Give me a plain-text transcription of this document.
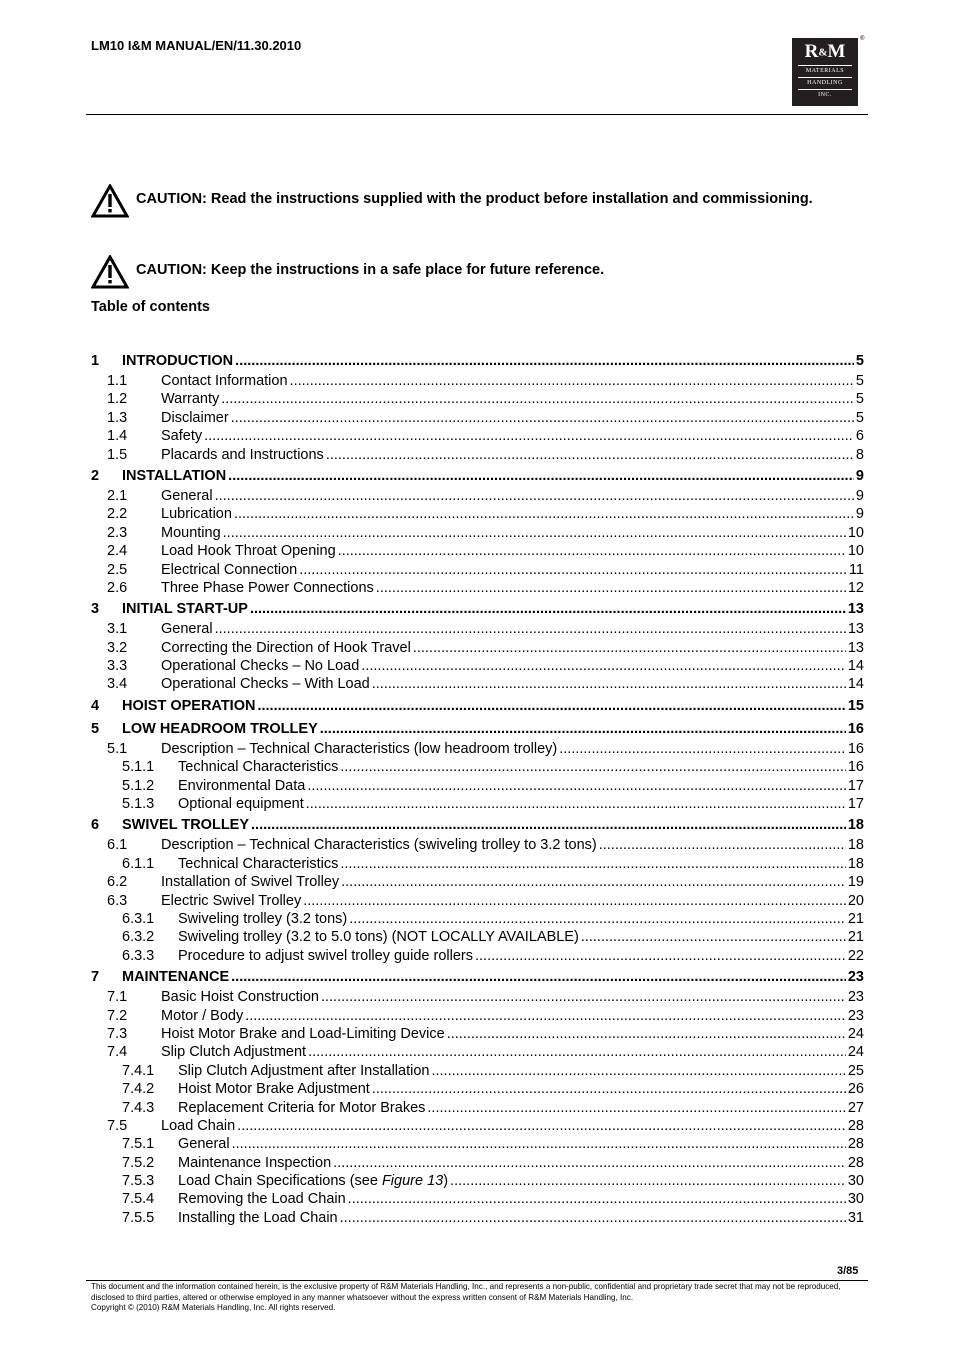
LM10 I&M MANUAL/EN/11.30.2010	R&M
MATERIALS
HANDLING
INC.
®
CAUTION: Read the instructions supplied with the product before installation and commissioning.
CAUTION: Keep the instructions in a safe place for future reference.
Table of contents
1	INTRODUCTION .....	5
1.1	Contact Information .....	5
1.2	Warranty .....	5
1.3	Disclaimer .....	5
1.4	Safety .....	6
1.5	Placards and Instructions .....	8
2	INSTALLATION .....	9
2.1	General .....	9
2.2	Lubrication .....	9
2.3	Mounting .....	10
2.4	Load Hook Throat Opening .....	10
2.5	Electrical Connection .....	11
2.6	Three Phase Power Connections .....	12
3	INITIAL START-UP .....	13
3.1	General .....	13
3.2	Correcting the Direction of Hook Travel .....	13
3.3	Operational Checks – No Load .....	14
3.4	Operational Checks – With Load .....	14
4	HOIST OPERATION .....	15
5	LOW HEADROOM TROLLEY .....	16
5.1	Description – Technical Characteristics (low headroom trolley) .....	16
5.1.1	Technical Characteristics .....	16
5.1.2	Environmental Data .....	17
5.1.3	Optional equipment .....	17
6	SWIVEL TROLLEY .....	18
6.1	Description – Technical Characteristics (swiveling trolley to 3.2 tons) .....	18
6.1.1	Technical Characteristics .....	18
6.2	Installation of Swivel Trolley .....	19
6.3	Electric Swivel Trolley .....	20
6.3.1	Swiveling trolley (3.2 tons) .....	21
6.3.2	Swiveling trolley (3.2 to 5.0 tons) (NOT LOCALLY AVAILABLE) .....	21
6.3.3	Procedure to adjust swivel trolley guide rollers .....	22
7	MAINTENANCE .....	23
7.1	Basic Hoist Construction .....	23
7.2	Motor / Body .....	23
7.3	Hoist Motor Brake and Load-Limiting Device .....	24
7.4	Slip Clutch Adjustment .....	24
7.4.1	Slip Clutch Adjustment after Installation .....	25
7.4.2	Hoist Motor Brake Adjustment .....	26
7.4.3	Replacement Criteria for Motor Brakes .....	27
7.5	Load Chain .....	28
7.5.1	General .....	28
7.5.2	Maintenance Inspection .....	28
7.5.3	Load Chain Specifications (see Figure 13) .....	30
7.5.4	Removing the Load Chain .....	30
7.5.5	Installing the Load Chain .....	31
3/85
This document and the information contained herein, is the exclusive property of R&M Materials Handling, Inc., and represents a non-public, confidential and proprietary trade secret that may not be reproduced, disclosed to third parties, altered or otherwise employed in any manner whatsoever without the express written consent of R&M Materials Handling, Inc.
Copyright © (2010) R&M Materials Handling, Inc. All rights reserved.
